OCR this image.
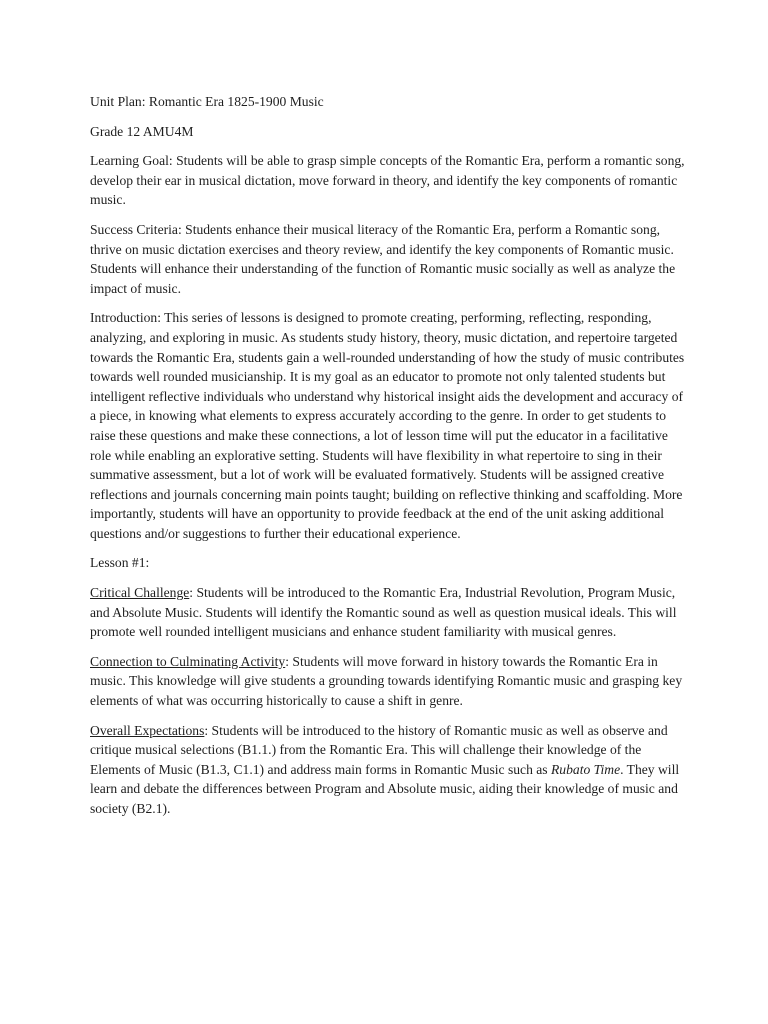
Unit Plan: Romantic Era 1825-1900 Music

Grade 12 AMU4M

Learning Goal: Students will be able to grasp simple concepts of the Romantic Era, perform a romantic song, develop their ear in musical dictation, move forward in theory, and identify the key components of romantic music.

Success Criteria: Students enhance their musical literacy of the Romantic Era, perform a Romantic song, thrive on music dictation exercises and theory review, and identify the key components of Romantic music. Students will enhance their understanding of the function of Romantic music socially as well as analyze the impact of music.

Introduction: This series of lessons is designed to promote creating, performing, reflecting, responding, analyzing, and exploring in music. As students study history, theory, music dictation, and repertoire targeted towards the Romantic Era, students gain a well-rounded understanding of how the study of music contributes towards well rounded musicianship. It is my goal as an educator to promote not only talented students but intelligent reflective individuals who understand why historical insight aids the development and accuracy of a piece, in knowing what elements to express accurately according to the genre. In order to get students to raise these questions and make these connections, a lot of lesson time will put the educator in a facilitative role while enabling an explorative setting. Students will have flexibility in what repertoire to sing in their summative assessment, but a lot of work will be evaluated formatively. Students will be assigned creative reflections and journals concerning main points taught; building on reflective thinking and scaffolding. More importantly, students will have an opportunity to provide feedback at the end of the unit asking additional questions and/or suggestions to further their educational experience.

Lesson #1:

Critical Challenge: Students will be introduced to the Romantic Era, Industrial Revolution, Program Music, and Absolute Music. Students will identify the Romantic sound as well as question musical ideals. This will promote well rounded intelligent musicians and enhance student familiarity with musical genres.

Connection to Culminating Activity: Students will move forward in history towards the Romantic Era in music. This knowledge will give students a grounding towards identifying Romantic music and grasping key elements of what was occurring historically to cause a shift in genre.

Overall Expectations: Students will be introduced to the history of Romantic music as well as observe and critique musical selections (B1.1.) from the Romantic Era. This will challenge their knowledge of the Elements of Music (B1.3, C1.1) and address main forms in Romantic Music such as Rubato Time. They will learn and debate the differences between Program and Absolute music, aiding their knowledge of music and society (B2.1).
